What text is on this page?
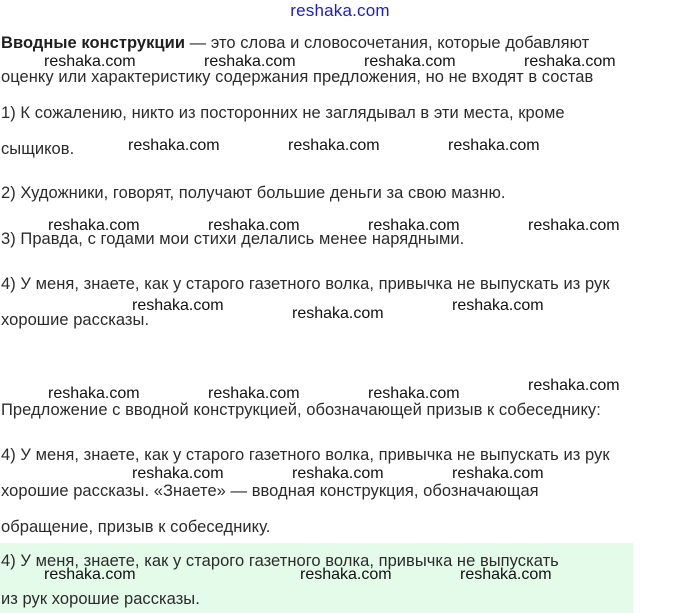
reshaka.com
Вводные конструкции — это слова и словосочетания, которые добавляют
оценку или характеристику содержания предложения, но не входят в состав
1) К сожалению, никто из посторонних не заглядывал в эти места, кроме
сыщиков.
2) Художники, говорят, получают большие деньги за свою мазню.
3) Правда, с годами мои стихи делались менее нарядными.
4) У меня, знаете, как у старого газетного волка, привычка не выпускать из рук
хорошие рассказы.
Предложение с вводной конструкцией, обозначающей призыв к собеседнику:
4) У меня, знаете, как у старого газетного волка, привычка не выпускать из рук
хорошие рассказы. «Знаете» — вводная конструкция, обозначающая
обращение, призыв к собеседнику.
4) У меня, знаете, как у старого газетного волка, привычка не выпускать
из рук хорошие рассказы.
reshaka.com	reshaka.com	reshaka.com	reshaka.com
reshaka.com	reshaka.com	reshaka.com
reshaka.com	reshaka.com	reshaka.com	reshaka.com
reshaka.com	reshaka.com	reshaka.com
reshaka.com	reshaka.com	reshaka.com	reshaka.com
reshaka.com	reshaka.com	reshaka.com
reshaka.com	reshaka.com	reshaka.com
